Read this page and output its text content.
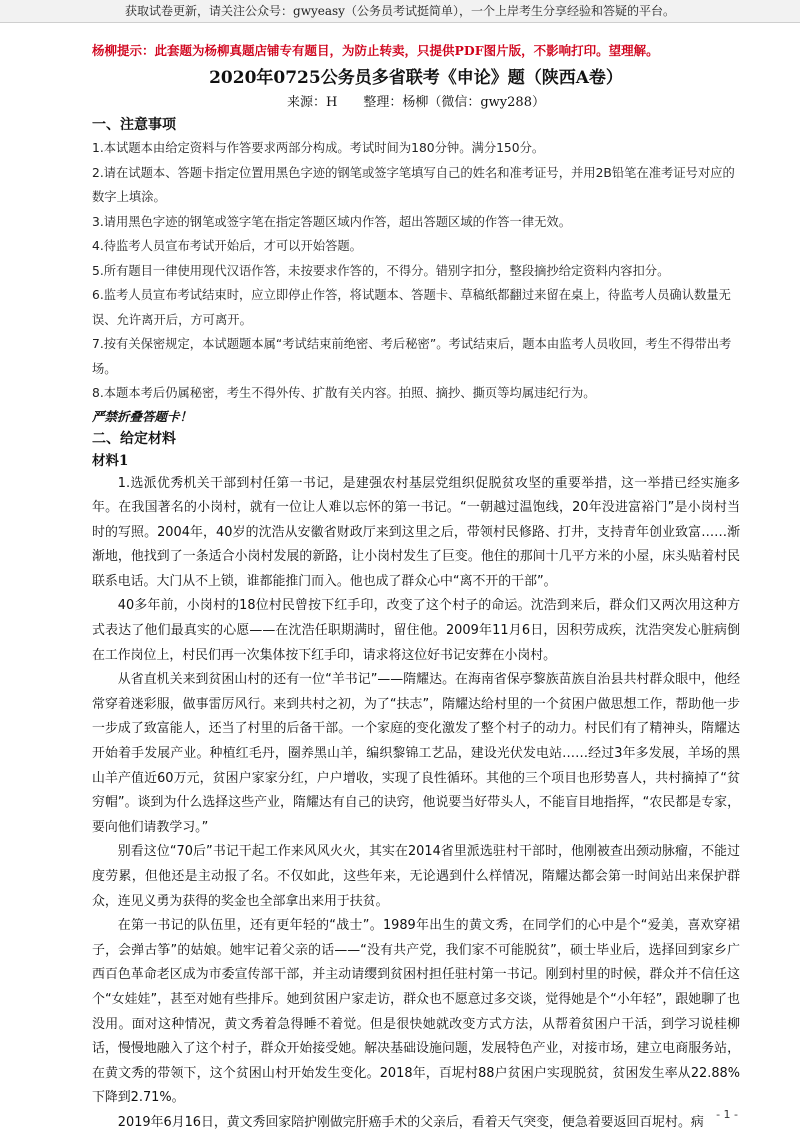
获取试卷更新，请关注公众号：gwyeasy（公务员考试挺简单），一个上岸考生分享经验和答疑的平台。

杨柳提示：此套题为杨柳真题店铺专有题目，为防止转卖，只提供PDF图片版，不影响打印。望理解。

2020年0725公务员多省联考《申论》题（陕西A卷）
来源：H　　整理：杨柳（微信：gwy288）
一、注意事项

1.本试题本由给定资料与作答要求两部分构成。考试时间为180分钟。满分150分。

2.请在试题本、答题卡指定位置用黑色字迹的钢笔或签字笔填写自己的姓名和准考证号，并用2B铅笔在准考证号对应的数字上填涂。

3.请用黑色字迹的钢笔或签字笔在指定答题区域内作答，超出答题区域的作答一律无效。

4.待监考人员宣布考试开始后，才可以开始答题。

5.所有题目一律使用现代汉语作答，未按要求作答的，不得分。错别字扣分，整段摘抄给定资料内容扣分。

6.监考人员宣布考试结束时，应立即停止作答，将试题本、答题卡、草稿纸都翻过来留在桌上，待监考人员确认数量无误、允许离开后，方可离开。

7.按有关保密规定，本试题题本属“考试结束前绝密、考后秘密”。考试结束后，题本由监考人员收回，考生不得带出考场。

8.本题本考后仍属秘密，考生不得外传、扩散有关内容。拍照、摘抄、撕页等均属违纪行为。

严禁折叠答题卡！

二、给定材料
材料1

1.选派优秀机关干部到村任第一书记，是建强农村基层党组织促脱贫攻坚的重要举措，这一举措已经实施多年。在我国著名的小岗村，就有一位让人难以忘怀的第一书记。“一朝越过温饱线，20年没进富裕门”是小岗村当时的写照。2004年，40岁的沈浩从安徽省财政厅来到这里之后，带领村民修路、打井，支持青年创业致富……渐渐地，他找到了一条适合小岗村发展的新路，让小岗村发生了巨变。他住的那间十几平方米的小屋，床头贴着村民联系电话。大门从不上锁，谁都能推门而入。他也成了群众心中“离不开的干部”。

40多年前，小岗村的18位村民曾按下红手印，改变了这个村子的命运。沈浩到来后，群众们又两次用这种方式表达了他们最真实的心愿——在沈浩任职期满时，留住他。2009年11月6日，因积劳成疾，沈浩突发心脏病倒在工作岗位上，村民们再一次集体按下红手印，请求将这位好书记安葬在小岗村。

从省直机关来到贫困山村的还有一位“羊书记”——隋耀达。在海南省保亭黎族苗族自治县共村群众眼中，他经常穿着迷彩服，做事雷厉风行。来到共村之初，为了“扶志”，隋耀达给村里的一个贫困户做思想工作，帮助他一步一步成了致富能人，还当了村里的后备干部。一个家庭的变化激发了整个村子的动力。村民们有了精神头，隋耀达开始着手发展产业。种植红毛丹，圈养黑山羊，编织黎锦工艺品，建设光伏发电站……经过3年多发展，羊场的黑山羊产值近60万元，贫困户家家分红，户户增收，实现了良性循环。其他的三个项目也形势喜人，共村摘掉了“贫穷帽”。谈到为什么选择这些产业，隋耀达有自己的诀窍，他说要当好带头人，不能盲目地指挥，“农民都是专家，要向他们请教学习。”

别看这位“70后”书记干起工作来风风火火，其实在2014省里派选驻村干部时，他刚被查出颈动脉瘤，不能过度劳累，但他还是主动报了名。不仅如此，这些年来，无论遇到什么样情况，隋耀达都会第一时间站出来保护群众，连见义勇为获得的奖金也全部拿出来用于扶贫。

在第一书记的队伍里，还有更年轻的“战士”。1989年出生的黄文秀，在同学们的心中是个“爱美，喜欢穿裙子，会弹古筝”的姑娘。她牢记着父亲的话——“没有共产党，我们家不可能脱贫”，硕士毕业后，选择回到家乡广西百色革命老区成为市委宣传部干部，并主动请缨到贫困村担任驻村第一书记。刚到村里的时候，群众并不信任这个“女娃娃”，甚至对她有些排斥。她到贫困户家走访，群众也不愿意过多交谈，觉得她是个“小年轻”，跟她聊了也没用。面对这种情况，黄文秀着急得睡不着觉。但是很快她就改变方式方法，从帮着贫困户干活，到学习说桂柳话，慢慢地融入了这个村子，群众开始接受她。解决基础设施问题，发展特色产业，对接市场，建立电商服务站，在黄文秀的带领下，这个贫困山村开始发生变化。2018年，百坭村88户贫困户实现脱贫，贫困发生率从22.88%下降到2.71%。

2019年6月16日，黄文秀回家陪护刚做完肝癌手术的父亲后，看着天气突变，便急着要返回百坭村。病

- 1 -
